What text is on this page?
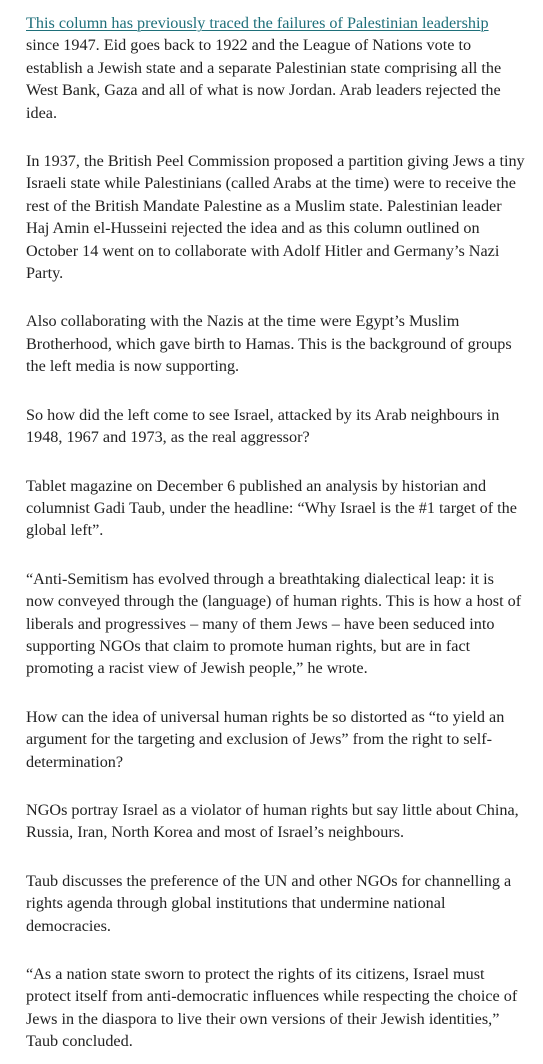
This column has previously traced the failures of Palestinian leadership since 1947. Eid goes back to 1922 and the League of Nations vote to establish a Jewish state and a separate Palestinian state comprising all the West Bank, Gaza and all of what is now Jordan. Arab leaders rejected the idea.

In 1937, the British Peel Commission proposed a partition giving Jews a tiny Israeli state while Palestinians (called Arabs at the time) were to receive the rest of the British Mandate Palestine as a Muslim state. Palestinian leader Haj Amin el-Husseini rejected the idea and as this column outlined on October 14 went on to collaborate with Adolf Hitler and Germany’s Nazi Party.

Also collaborating with the Nazis at the time were Egypt’s Muslim Brotherhood, which gave birth to Hamas. This is the background of groups the left media is now supporting.

So how did the left come to see Israel, attacked by its Arab neighbours in 1948, 1967 and 1973, as the real aggressor?

Tablet magazine on December 6 published an analysis by historian and columnist Gadi Taub, under the headline: “Why Israel is the #1 target of the global left”.

“Anti-Semitism has evolved through a breathtaking dialectical leap: it is now conveyed through the (language) of human rights. This is how a host of liberals and progressives – many of them Jews – have been seduced into supporting NGOs that claim to promote human rights, but are in fact promoting a racist view of Jewish people,” he wrote.

How can the idea of universal human rights be so distorted as “to yield an argument for the targeting and exclusion of Jews” from the right to self-determination?

NGOs portray Israel as a violator of human rights but say little about China, Russia, Iran, North Korea and most of Israel’s neighbours.

Taub discusses the preference of the UN and other NGOs for channelling a rights agenda through global institutions that undermine national democracies.

“As a nation state sworn to protect the rights of its citizens, Israel must protect itself from anti-democratic influences while respecting the choice of Jews in the diaspora to live their own versions of their Jewish identities,” Taub concluded.
